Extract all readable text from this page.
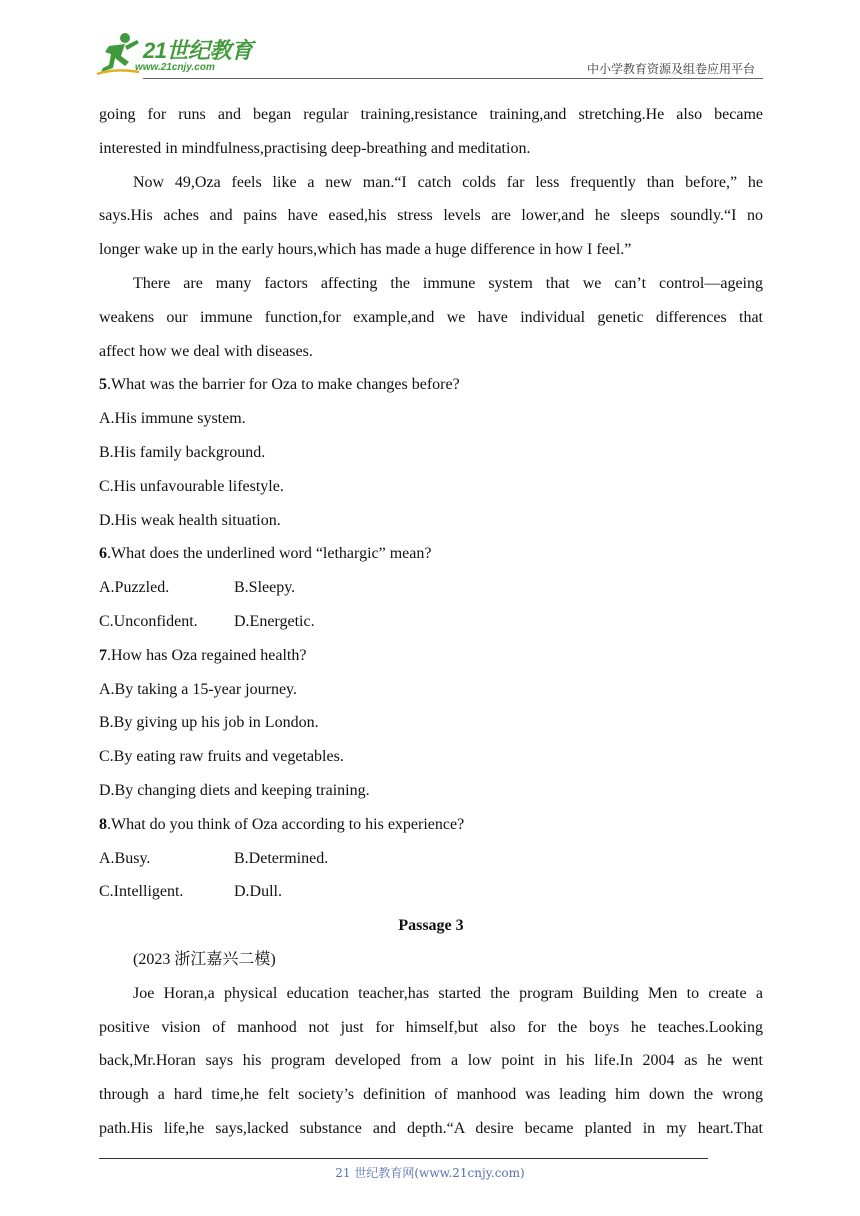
21世纪教育
www.21cnjy.com	中小学教育资源及组卷应用平台
going for runs and began regular training,resistance training,and stretching.He also became
interested in mindfulness,practising deep-breathing and meditation.
Now 49,Oza feels like a new man.“I catch colds far less frequently than before,” he
says.His aches and pains have eased,his stress levels are lower,and he sleeps soundly.“I no
longer wake up in the early hours,which has made a huge difference in how I feel.”
There are many factors affecting the immune system that we can’t control—ageing
weakens our immune function,for example,and we have individual genetic differences that
affect how we deal with diseases.
5.What was the barrier for Oza to make changes before?
A.His immune system.
B.His family background.
C.His unfavourable lifestyle.
D.His weak health situation.
6.What does the underlined word “lethargic” mean?
A.Puzzled.	B.Sleepy.
C.Unconfident. D.Energetic.
7.How has Oza regained health?
A.By taking a 15-year journey.
B.By giving up his job in London.
C.By eating raw fruits and vegetables.
D.By changing diets and keeping training.
8.What do you think of Oza according to his experience?
A.Busy.	B.Determined.
C.Intelligent.	D.Dull.
Passage 3
(2023 浙江嘉兴二模)
Joe Horan,a physical education teacher,has started the program Building Men to create a
positive vision of manhood not just for himself,but also for the boys he teaches.Looking
back,Mr.Horan says his program developed from a low point in his life.In 2004 as he went
through a hard time,he felt society’s definition of manhood was leading him down the wrong
path.His life,he says,lacked substance and depth.“A desire became planted in my heart.That
21 世纪教育网(www.21cnjy.com)
